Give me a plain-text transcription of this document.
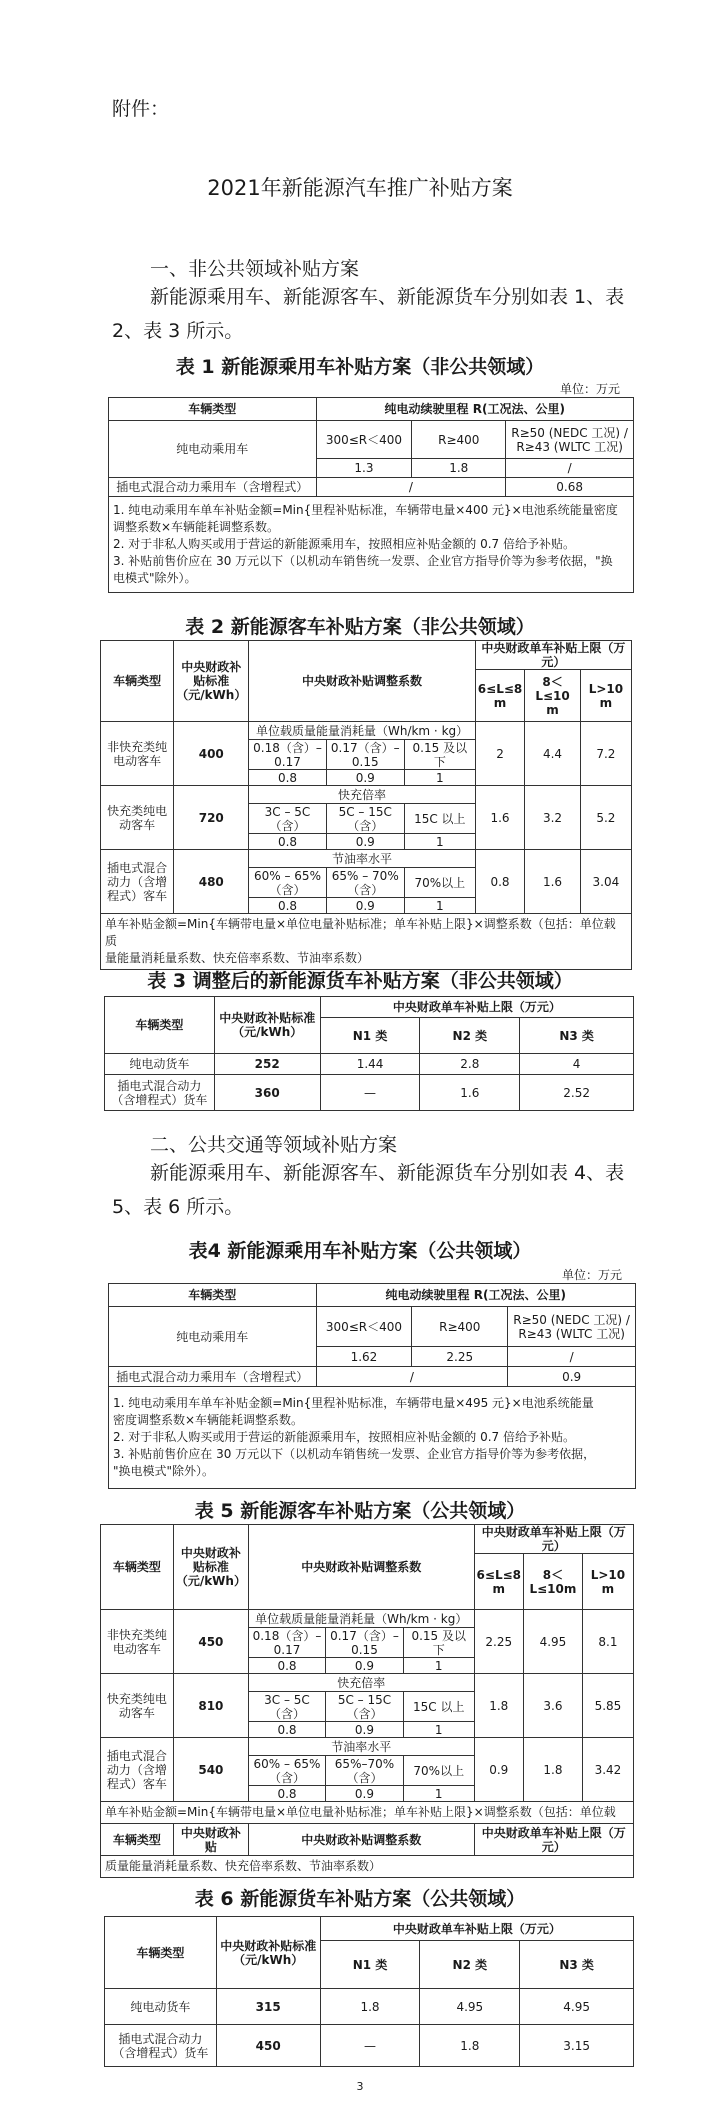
附件：
2021年新能源汽车推广补贴方案
一、非公共领域补贴方案
新能源乘用车、新能源客车、新能源货车分别如表 1、表
2、表 3 所示。
表 1 新能源乘用车补贴方案（非公共领域）
单位：万元
车辆类型	纯电动续驶里程 R(工况法、公里)		
纯电动乘用车	300≤R＜400	R≥400	R≥50 (NEDC 工况) /
R≥43 (WLTC 工况)

	1.3	1.8	/
插电式混合动力乘用车（含增程式）	/		0.68

1. 纯电动乘用车单车补贴金额=Min{里程补贴标准，车辆带电量×400 元}×电池系统能量密度
调整系数×车辆能耗调整系数。
2. 对于非私人购买或用于营运的新能源乘用车，按照相应补贴金额的 0.7 倍给予补贴。
3. 补贴前售价应在 30 万元以下（以机动车销售统一发票、企业官方指导价等为参考依据，"换
电模式"除外）。			
表 2 新能源客车补贴方案（非公共领域）
车辆类型	中央财政补贴标准（元/kWh）	中央财政补贴调整系数			中央财政单车补贴上限（万元）		
					6≤L≤8 m	8＜L≤10 m	L>10 m
非快充类纯电动客车	400	单位载质量能量消耗量（Wh/km · kg）			2	4.4	7.2
		0.18（含）–0.17	0.17（含）–0.15	0.15 及以下			
		0.8	0.9	1			
快充类纯电动客车	720	快充倍率			1.6	3.2	5.2
		3C – 5C（含）	5C – 15C（含）	15C 以上			
		0.8	0.9	1			
插电式混合动力（含增程式）客车	480	节油率水平			0.8	1.6	3.04
		60% – 65%（含）	65% – 70%（含）	70%以上			
		0.8	0.9	1			

单车补贴金额=Min{车辆带电量×单位电量补贴标准；单车补贴上限}×调整系数（包括：单位载质
量能量消耗量系数、快充倍率系数、节油率系数）							
表 3 调整后的新能源货车补贴方案（非公共领域）
车辆类型	中央财政补贴标准（元/kWh）	中央财政单车补贴上限（万元）		
		N1 类	N2 类	N3 类
纯电动货车	252	1.44	2.8	4
插电式混合动力（含增程式）货车	360	—	1.6	2.52
二、公共交通等领域补贴方案
新能源乘用车、新能源客车、新能源货车分别如表 4、表
5、表 6 所示。
表4 新能源乘用车补贴方案（公共领域）
单位：万元
车辆类型	纯电动续驶里程 R(工况法、公里)		
纯电动乘用车	300≤R＜400	R≥400	R≥50 (NEDC 工况) /
R≥43 (WLTC 工况)

	1.62	2.25	/
插电式混合动力乘用车（含增程式）	/		0.9

1. 纯电动乘用车单车补贴金额=Min{里程补贴标准，车辆带电量×495 元}×电池系统能量
密度调整系数×车辆能耗调整系数。
2. 对于非私人购买或用于营运的新能源乘用车，按照相应补贴金额的 0.7 倍给予补贴。
3. 补贴前售价应在 30 万元以下（以机动车销售统一发票、企业官方指导价等为参考依据，
"换电模式"除外）。			
表 5 新能源客车补贴方案（公共领域）
车辆类型	中央财政补贴标准（元/kWh）	中央财政补贴调整系数			中央财政单车补贴上限（万元）		
					6≤L≤8 m	8＜L≤10m	L>10 m
非快充类纯电动客车	450	单位载质量能量消耗量（Wh/km · kg）			2.25	4.95	8.1
		0.18（含）–0.17	0.17（含）–0.15	0.15 及以下			
		0.8	0.9	1			
快充类纯电动客车	810	快充倍率			1.8	3.6	5.85
		3C – 5C（含）	5C – 15C（含）	15C 以上			
		0.8	0.9	1			
插电式混合动力（含增程式）客车	540	节油率水平			0.9	1.8	3.42
		60% – 65%（含）	65%–70%（含）	70%以上			
		0.8	0.9	1			
单车补贴金额=Min{车辆带电量×单位电量补贴标准；单车补贴上限}×调整系数（包括：单位载							
车辆类型	中央财政补贴	中央财政补贴调整系数			中央财政单车补贴上限（万元）		
质量能量消耗量系数、快充倍率系数、节油率系数）							
表 6 新能源货车补贴方案（公共领域）
车辆类型	中央财政补贴标准（元/kWh）	中央财政单车补贴上限（万元）		
		N1 类	N2 类	N3 类
纯电动货车	315	1.8	4.95	4.95
插电式混合动力（含增程式）货车	450	—	1.8	3.15
3
